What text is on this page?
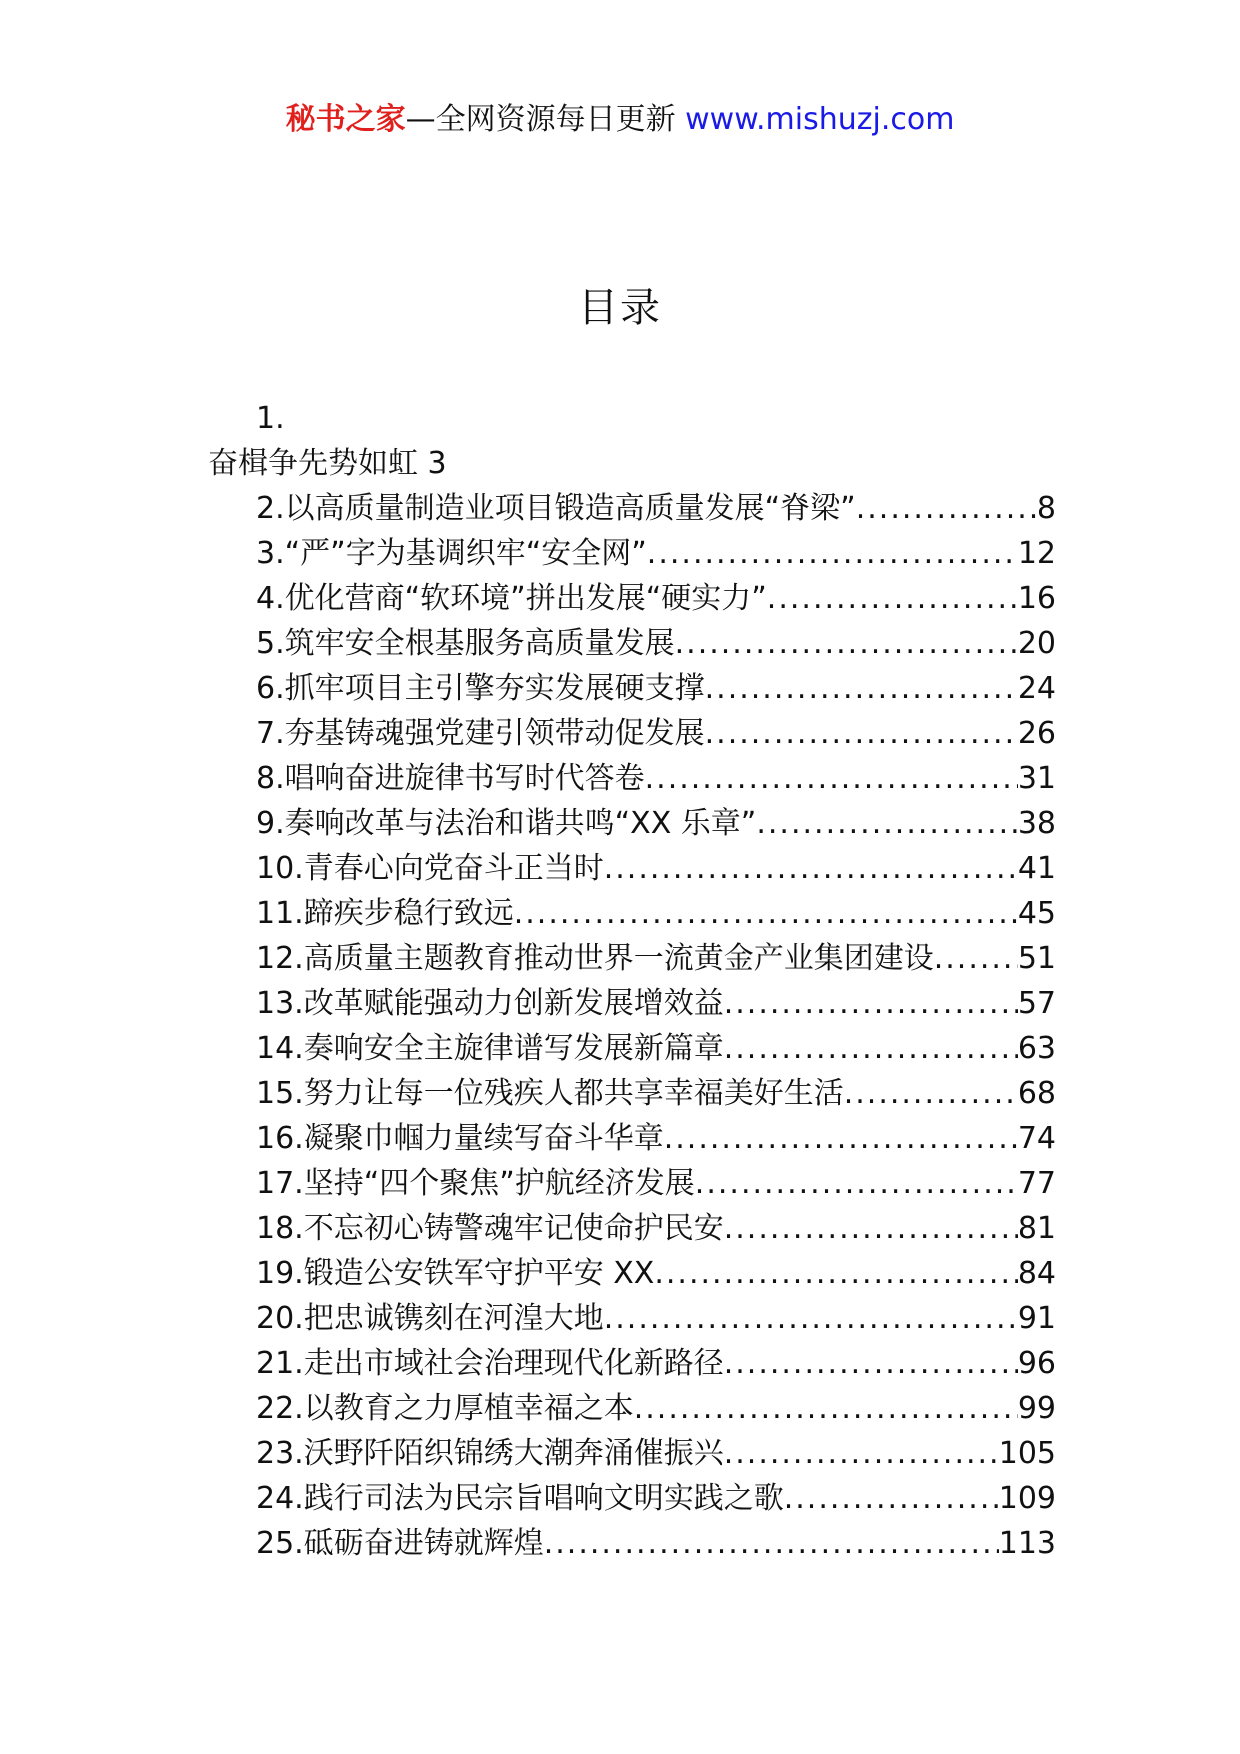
秘书之家—全网资源每日更新 www.mishuzj.com
目录
1.
奋楫争先势如虹 3
2.以高质量制造业项目锻造高质量发展“脊梁” .....	8
3.“严”字为基调织牢“安全网” .....	12
4.优化营商“软环境”拼出发展“硬实力” .....	16
5.筑牢安全根基服务高质量发展 .....	20
6.抓牢项目主引擎夯实发展硬支撑 .....	24
7.夯基铸魂强党建引领带动促发展 .....	26
8.唱响奋进旋律书写时代答卷 .....	31
9.奏响改革与法治和谐共鸣“XX 乐章” .....	38
10.青春心向党奋斗正当时 .....	41
11.蹄疾步稳行致远 .....	45
12.高质量主题教育推动世界一流黄金产业集团建设 .....	51
13.改革赋能强动力创新发展增效益 .....	57
14.奏响安全主旋律谱写发展新篇章 .....	63
15.努力让每一位残疾人都共享幸福美好生活 .....	68
16.凝聚巾帼力量续写奋斗华章 .....	74
17.坚持“四个聚焦”护航经济发展 .....	77
18.不忘初心铸警魂牢记使命护民安 .....	81
19.锻造公安铁军守护平安 XX .....	84
20.把忠诚镌刻在河湟大地 .....	91
21.走出市域社会治理现代化新路径 .....	96
22.以教育之力厚植幸福之本 .....	99
23.沃野阡陌织锦绣大潮奔涌催振兴 .....	105
24.践行司法为民宗旨唱响文明实践之歌 .....	109
25.砥砺奋进铸就辉煌 .....	113
